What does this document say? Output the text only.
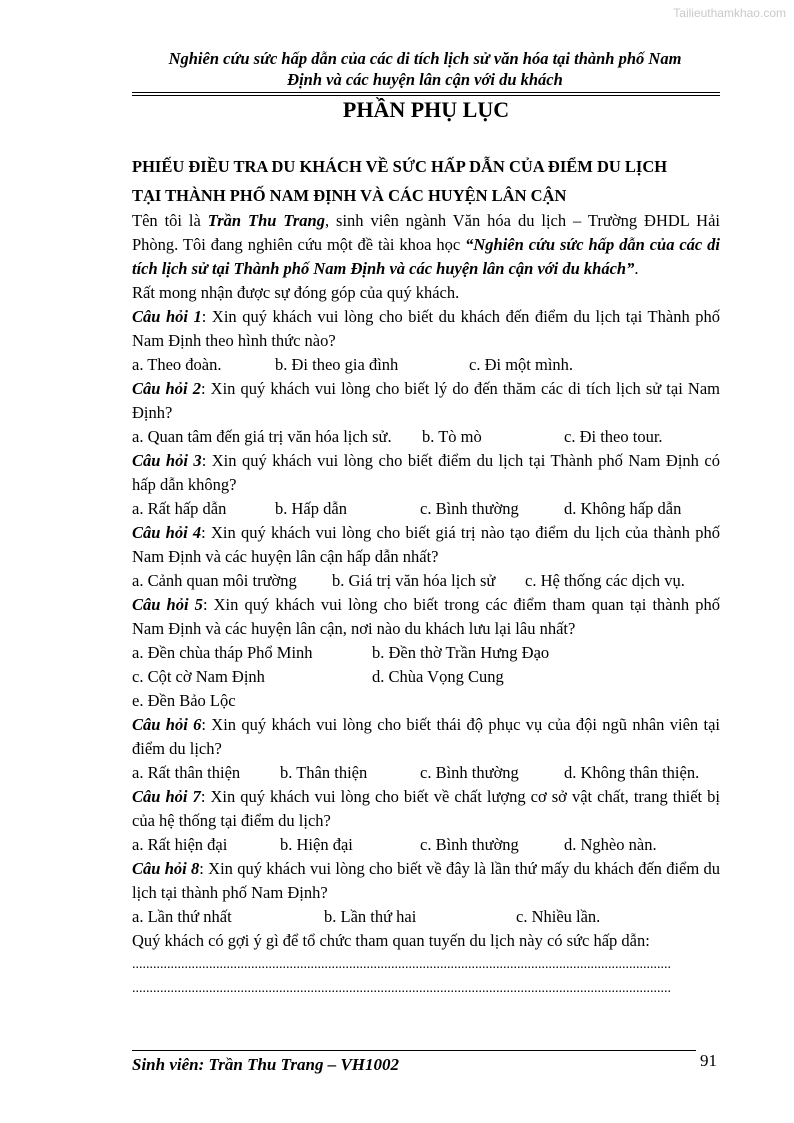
Tailieuthamkhao.com
Nghiên cứu sức hấp dẫn của các di tích lịch sử văn hóa tại thành phố Nam
Định và các huyện lân cận với du khách
PHẦN PHỤ LỤC
PHIẾU ĐIỀU TRA DU KHÁCH VỀ SỨC HẤP DẪN CỦA ĐIỂM DU LỊCH
TẠI THÀNH PHỐ NAM ĐỊNH VÀ CÁC HUYỆN LÂN CẬN

Tên tôi là Trần Thu Trang, sinh viên ngành Văn hóa du lịch – Trường ĐHDL Hải Phòng. Tôi đang nghiên cứu một đề tài khoa học “Nghiên cứu sức hấp dẫn của các di tích lịch sử tại Thành phố Nam Định và các huyện lân cận với du khách”.

Rất mong nhận được sự đóng góp của quý khách.

Câu hỏi 1: Xin quý khách vui lòng cho biết du khách đến điểm du lịch tại Thành phố Nam Định theo hình thức nào?

a. Theo đoàn.	b. Đi theo gia đình	c. Đi một mình.

Câu hỏi 2: Xin quý khách vui lòng cho biết lý do đến thăm các di tích lịch sử tại Nam Định?

a. Quan tâm đến giá trị văn hóa lịch sử. b. Tò mò	c. Đi theo tour.

Câu hỏi 3: Xin quý khách vui lòng cho biết điểm du lịch tại Thành phố Nam Định có hấp dẫn không?

a. Rất hấp dẫn	b. Hấp dẫn	c. Bình thường	d. Không hấp dẫn

Câu hỏi 4: Xin quý khách vui lòng cho biết giá trị nào tạo điểm du lịch của thành phố Nam Định và các huyện lân cận hấp dẫn nhất?

a. Cảnh quan môi trường b. Giá trị văn hóa lịch sử c. Hệ thống các dịch vụ.

Câu hỏi 5: Xin quý khách vui lòng cho biết trong các điểm tham quan tại thành phố Nam Định và các huyện lân cận, nơi nào du khách lưu lại lâu nhất?

a. Đền chùa tháp Phổ Minh	b. Đền thờ Trần Hưng Đạo
c. Cột cờ Nam Định	d. Chùa Vọng Cung
e. Đền Bảo Lộc

Câu hỏi 6: Xin quý khách vui lòng cho biết thái độ phục vụ của đội ngũ nhân viên tại điểm du lịch?

a. Rất thân thiện b. Thân thiện	c. Bình thường	d. Không thân thiện.

Câu hỏi 7: Xin quý khách vui lòng cho biết về chất lượng cơ sở vật chất, trang thiết bị của hệ thống tại điểm du lịch?

a. Rất hiện đại	b. Hiện đại	c. Bình thường	d. Nghèo nàn.

Câu hỏi 8: Xin quý khách vui lòng cho biết về đây là lần thứ mấy du khách đến điểm du lịch tại thành phố Nam Định?

a. Lần thứ nhất	b. Lần thứ hai	c. Nhiều lần.

Quý khách có gợi ý gì để tổ chức tham quan tuyến du lịch này có sức hấp dẫn:

..........................................................................................................................................................
..........................................................................................................................................................
Sinh viên: Trần Thu Trang – VH1002	91
